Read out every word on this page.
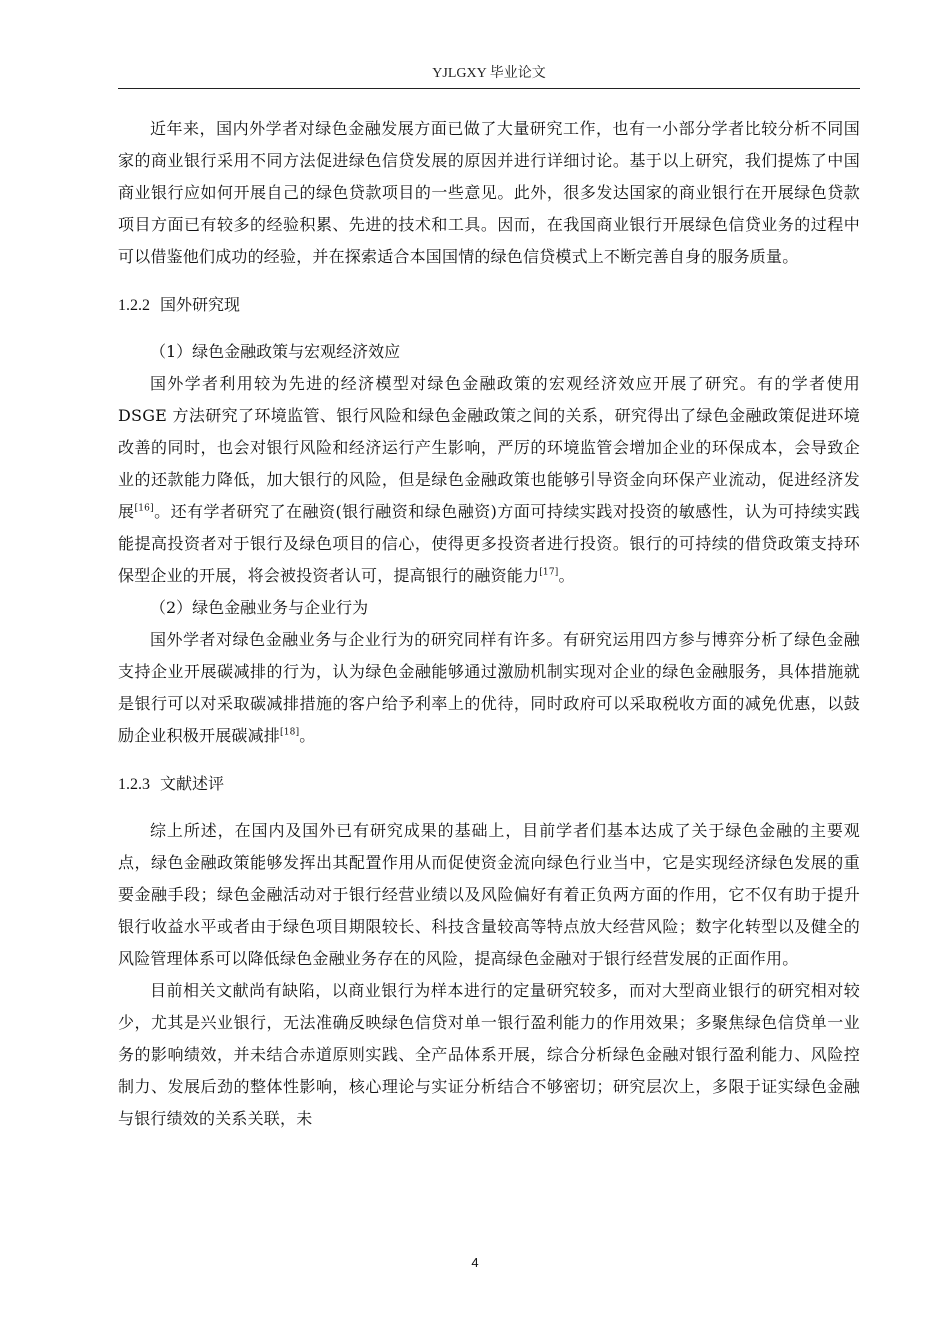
YJLGXY 毕业论文

近年来，国内外学者对绿色金融发展方面已做了大量研究工作，也有一小部分学者比较分析不同国家的商业银行采用不同方法促进绿色信贷发展的原因并进行详细讨论。基于以上研究，我们提炼了中国商业银行应如何开展自己的绿色贷款项目的一些意见。此外，很多发达国家的商业银行在开展绿色贷款项目方面已有较多的经验积累、先进的技术和工具。因而，在我国商业银行开展绿色信贷业务的过程中可以借鉴他们成功的经验，并在探索适合本国国情的绿色信贷模式上不断完善自身的服务质量。

1.2.2 国外研究现

（1）绿色金融政策与宏观经济效应

国外学者利用较为先进的经济模型对绿色金融政策的宏观经济效应开展了研究。有的学者使用 DSGE 方法研究了环境监管、银行风险和绿色金融政策之间的关系，研究得出了绿色金融政策促进环境改善的同时，也会对银行风险和经济运行产生影响，严厉的环境监管会增加企业的环保成本，会导致企业的还款能力降低，加大银行的风险，但是绿色金融政策也能够引导资金向环保产业流动，促进经济发展[16]。还有学者研究了在融资(银行融资和绿色融资)方面可持续实践对投资的敏感性，认为可持续实践能提高投资者对于银行及绿色项目的信心，使得更多投资者进行投资。银行的可持续的借贷政策支持环保型企业的开展，将会被投资者认可，提高银行的融资能力[17]。

（2）绿色金融业务与企业行为

国外学者对绿色金融业务与企业行为的研究同样有许多。有研究运用四方参与博弈分析了绿色金融支持企业开展碳减排的行为，认为绿色金融能够通过激励机制实现对企业的绿色金融服务，具体措施就是银行可以对采取碳减排措施的客户给予利率上的优待，同时政府可以采取税收方面的减免优惠，以鼓励企业积极开展碳减排[18]。

1.2.3 文献述评

综上所述，在国内及国外已有研究成果的基础上，目前学者们基本达成了关于绿色金融的主要观点，绿色金融政策能够发挥出其配置作用从而促使资金流向绿色行业当中，它是实现经济绿色发展的重要金融手段；绿色金融活动对于银行经营业绩以及风险偏好有着正负两方面的作用，它不仅有助于提升银行收益水平或者由于绿色项目期限较长、科技含量较高等特点放大经营风险；数字化转型以及健全的风险管理体系可以降低绿色金融业务存在的风险，提高绿色金融对于银行经营发展的正面作用。

目前相关文献尚有缺陷，以商业银行为样本进行的定量研究较多，而对大型商业银行的研究相对较少，尤其是兴业银行，无法准确反映绿色信贷对单一银行盈利能力的作用效果；多聚焦绿色信贷单一业务的影响绩效，并未结合赤道原则实践、全产品体系开展，综合分析绿色金融对银行盈利能力、风险控制力、发展后劲的整体性影响，核心理论与实证分析结合不够密切；研究层次上，多限于证实绿色金融与银行绩效的关系关联，未

4
